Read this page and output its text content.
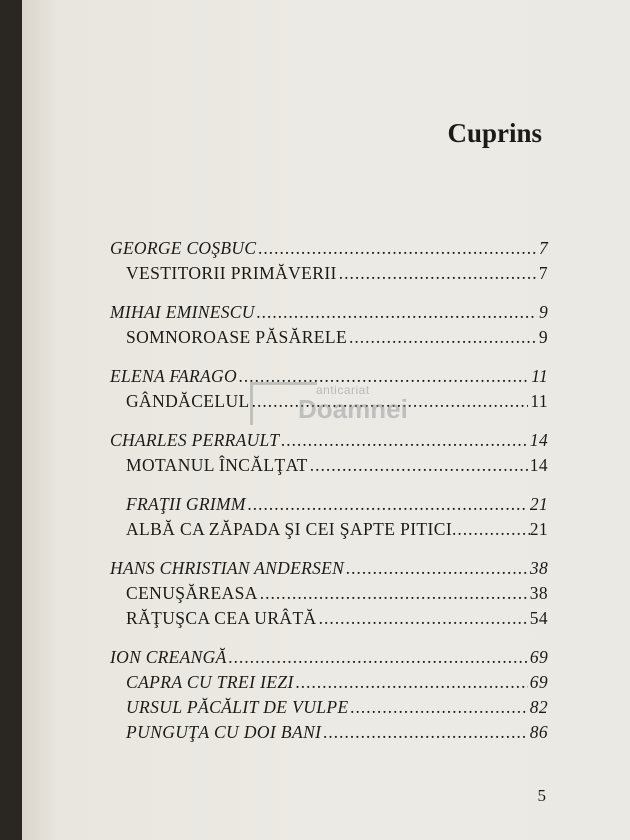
Cuprins
GEORGE COŞBUC .....	7
VESTITORII PRIMĂVERII .....	7
MIHAI EMINESCU .....	9
SOMNOROASE PĂSĂRELE .....	9
ELENA FARAGO .....	11
GÂNDĂCELUL .....	11
CHARLES PERRAULT .....	14
MOTANUL ÎNCĂLŢAT .....	14
FRAŢII GRIMM .....	21
ALBĂ CA ZĂPADA ŞI CEI ŞAPTE PITICI .....	21
HANS CHRISTIAN ANDERSEN .....	38
CENUŞĂREASA .....	38
RĂŢUŞCA CEA URÂTĂ .....	54
ION CREANGĂ .....	69
CAPRA CU TREI IEZI .....	69
URSUL PĂCĂLIT DE VULPE .....	82
PUNGUŢA CU DOI BANI .....	86
anticariat
Doamnei
5
